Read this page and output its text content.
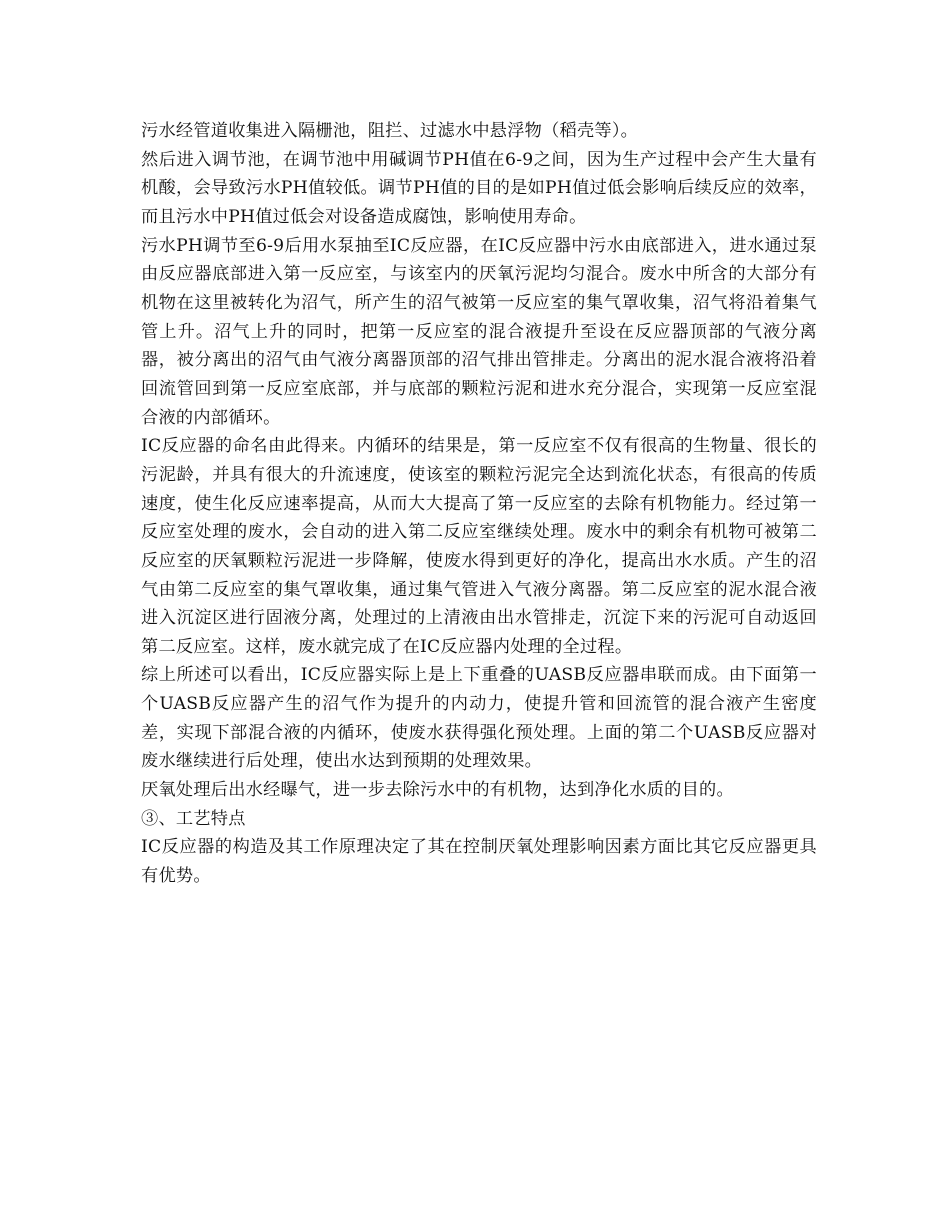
污水经管道收集进入隔栅池，阻拦、过滤水中悬浮物（稻壳等）。

然后进入调节池，在调节池中用碱调节PH值在6-9之间，因为生产过程中会产生大量有机酸，会导致污水PH值较低。调节PH值的目的是如PH值过低会影响后续反应的效率，而且污水中PH值过低会对设备造成腐蚀，影响使用寿命。

污水PH调节至6-9后用水泵抽至IC反应器，在IC反应器中污水由底部进入，进水通过泵由反应器底部进入第一反应室，与该室内的厌氧污泥均匀混合。废水中所含的大部分有机物在这里被转化为沼气，所产生的沼气被第一反应室的集气罩收集，沼气将沿着集气管上升。沼气上升的同时，把第一反应室的混合液提升至设在反应器顶部的气液分离器，被分离出的沼气由气液分离器顶部的沼气排出管排走。分离出的泥水混合液将沿着回流管回到第一反应室底部，并与底部的颗粒污泥和进水充分混合，实现第一反应室混合液的内部循环。

IC反应器的命名由此得来。内循环的结果是，第一反应室不仅有很高的生物量、很长的污泥龄，并具有很大的升流速度，使该室的颗粒污泥完全达到流化状态，有很高的传质速度，使生化反应速率提高，从而大大提高了第一反应室的去除有机物能力。经过第一反应室处理的废水，会自动的进入第二反应室继续处理。废水中的剩余有机物可被第二反应室的厌氧颗粒污泥进一步降解，使废水得到更好的净化，提高出水水质。产生的沼气由第二反应室的集气罩收集，通过集气管进入气液分离器。第二反应室的泥水混合液进入沉淀区进行固液分离，处理过的上清液由出水管排走，沉淀下来的污泥可自动返回第二反应室。这样，废水就完成了在IC反应器内处理的全过程。

综上所述可以看出，IC反应器实际上是上下重叠的UASB反应器串联而成。由下面第一个UASB反应器产生的沼气作为提升的内动力，使提升管和回流管的混合液产生密度差，实现下部混合液的内循环，使废水获得强化预处理。上面的第二个UASB反应器对废水继续进行后处理，使出水达到预期的处理效果。

厌氧处理后出水经曝气，进一步去除污水中的有机物，达到净化水质的目的。

③、工艺特点

IC反应器的构造及其工作原理决定了其在控制厌氧处理影响因素方面比其它反应器更具有优势。
